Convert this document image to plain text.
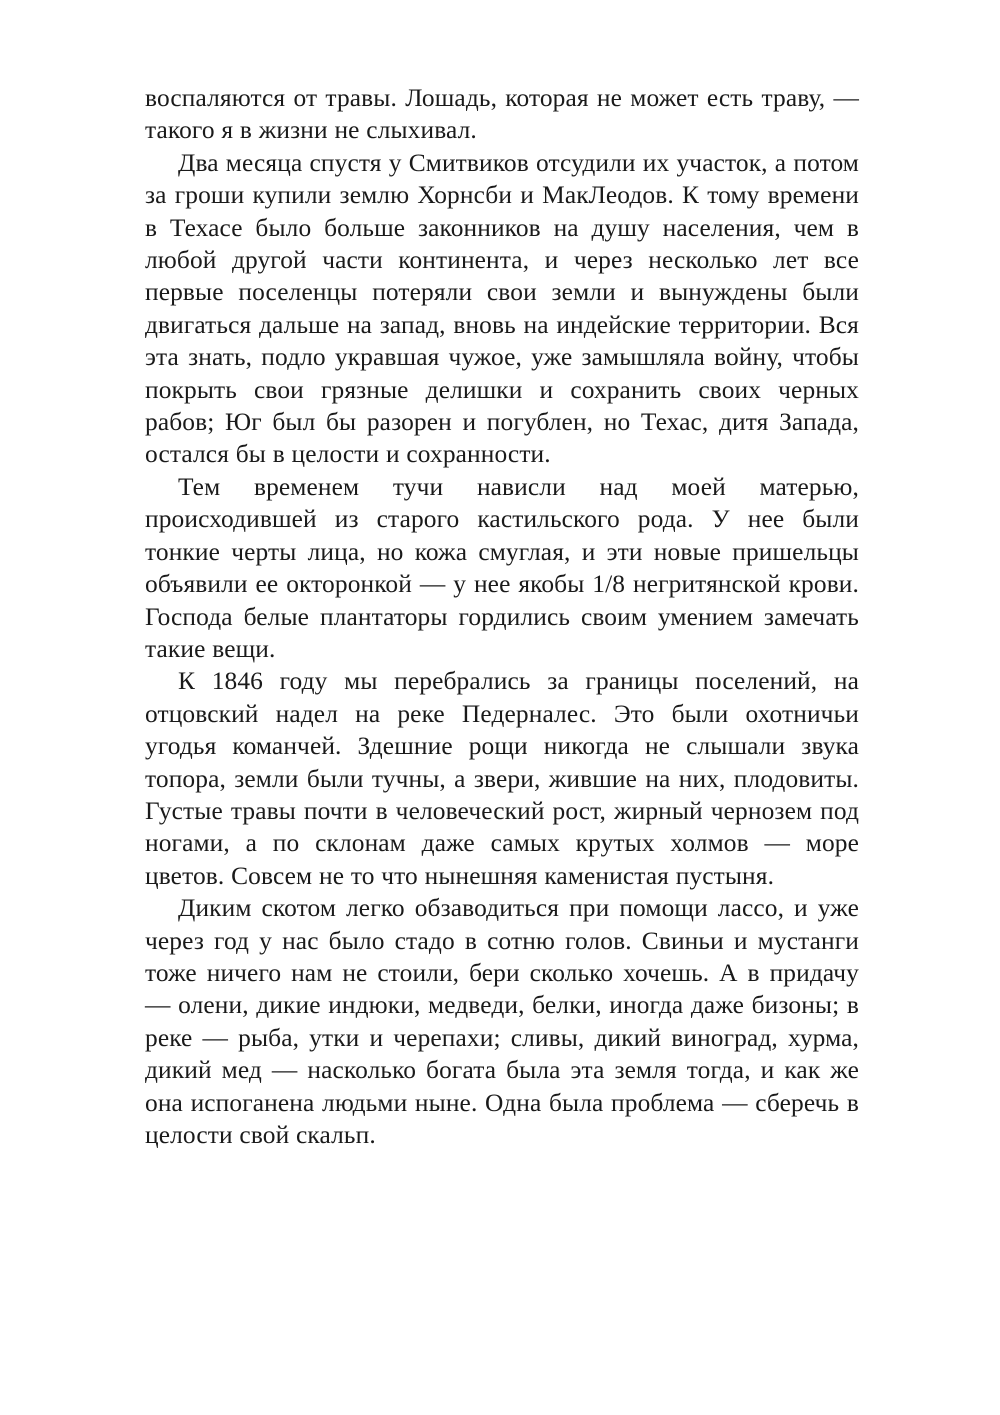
воспаляются от травы. Лошадь, которая не может есть траву, — такого я в жизни не слыхивал.

Два месяца спустя у Смитвиков отсудили их участок, а потом за гроши купили землю Хорнсби и МакЛеодов. К тому времени в Техасе было больше законников на душу населения, чем в любой другой части континента, и через несколько лет все первые поселенцы потеряли свои земли и вынуждены были двигаться дальше на запад, вновь на индейские территории. Вся эта знать, подло укравшая чужое, уже замышляла войну, чтобы покрыть свои грязные делишки и сохранить своих черных рабов; Юг был бы разорен и погублен, но Техас, дитя Запада, остался бы в целости и сохранности.

Тем временем тучи нависли над моей матерью, происходившей из старого кастильского рода. У нее были тонкие черты лица, но кожа смуглая, и эти новые пришельцы объявили ее окторонкой — у нее якобы 1/8 негритянской крови. Господа белые плантаторы гордились своим умением замечать такие вещи.

К 1846 году мы перебрались за границы поселений, на отцовский надел на реке Педерналес. Это были охотничьи угодья команчей. Здешние рощи никогда не слышали звука топора, земли были тучны, а звери, жившие на них, плодовиты. Густые травы почти в человеческий рост, жирный чернозем под ногами, а по склонам даже самых крутых холмов — море цветов. Совсем не то что нынешняя каменистая пустыня.

Диким скотом легко обзаводиться при помощи лассо, и уже через год у нас было стадо в сотню голов. Свиньи и мустанги тоже ничего нам не стоили, бери сколько хочешь. А в придачу — олени, дикие индюки, медведи, белки, иногда даже бизоны; в реке — рыба, утки и черепахи; сливы, дикий виноград, хурма, дикий мед — насколько богата была эта земля тогда, и как же она испоганена людьми ныне. Одна была проблема — сберечь в целости свой скальп.
